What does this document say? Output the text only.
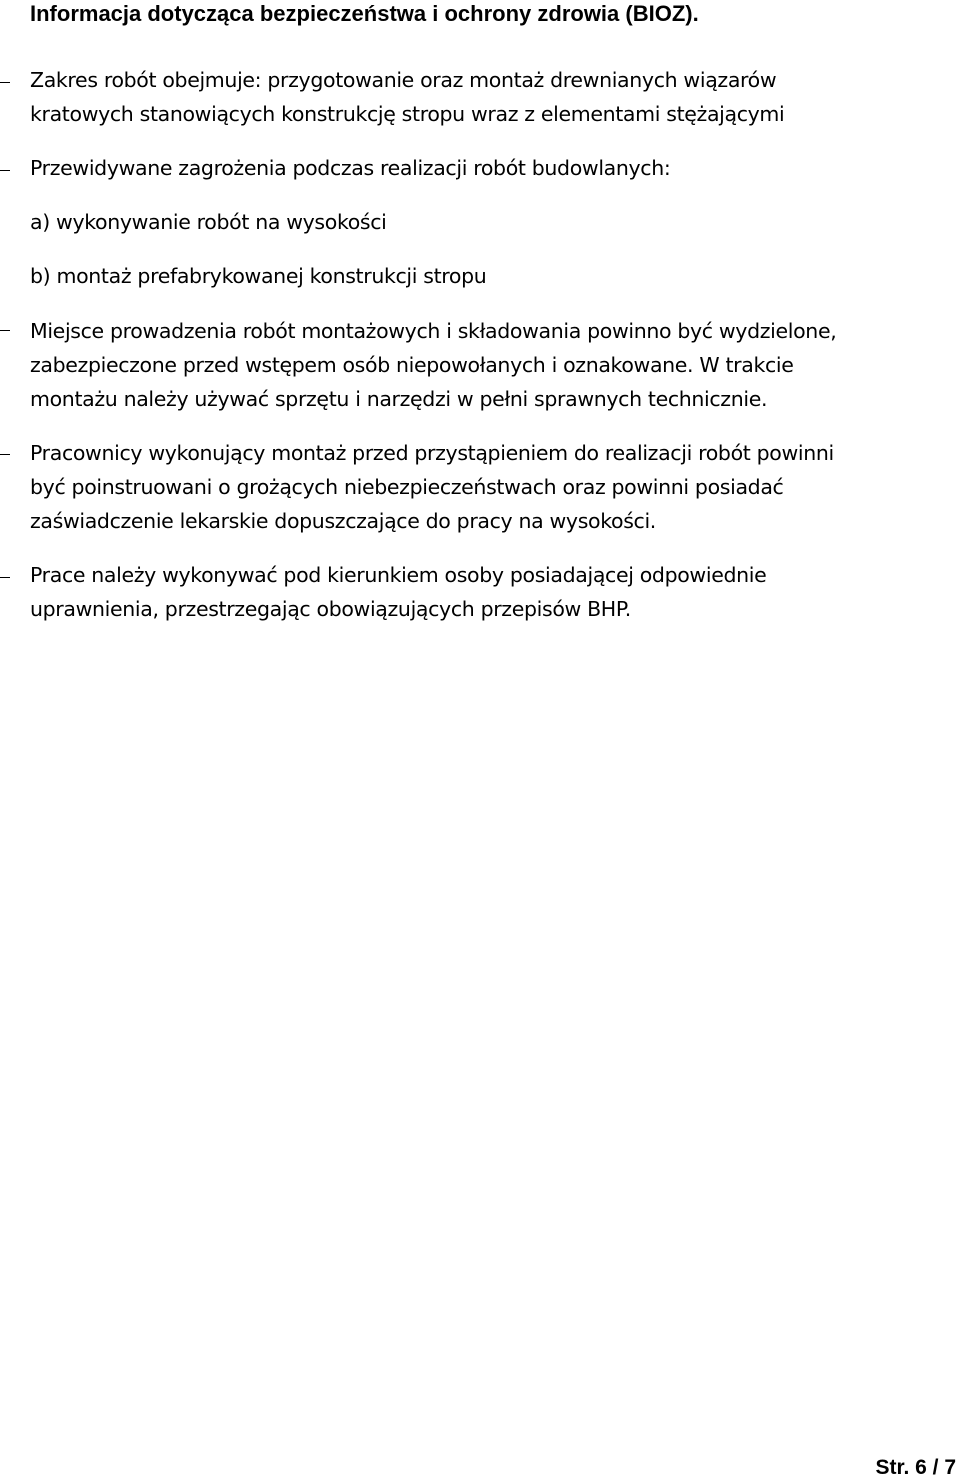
Informacja dotycząca bezpieczeństwa i ochrony zdrowia (BIOZ).
Zakres robót obejmuje: przygotowanie oraz montaż drewnianych wiązarów
kratowych stanowiących konstrukcję stropu wraz z elementami stężającymi
Przewidywane zagrożenia podczas realizacji robót budowlanych:
a) wykonywanie robót na wysokości
b) montaż prefabrykowanej konstrukcji stropu
Miejsce prowadzenia robót montażowych i składowania powinno być wydzielone,
zabezpieczone przed wstępem osób niepowołanych i oznakowane. W trakcie
montażu należy używać sprzętu i narzędzi w pełni sprawnych technicznie.
Pracownicy wykonujący montaż przed przystąpieniem do realizacji robót powinni
być poinstruowani o grożących niebezpieczeństwach oraz powinni posiadać
zaświadczenie lekarskie dopuszczające do pracy na wysokości.
Prace należy wykonywać pod kierunkiem osoby posiadającej odpowiednie
uprawnienia, przestrzegając obowiązujących przepisów BHP.
Str. 6 / 7
